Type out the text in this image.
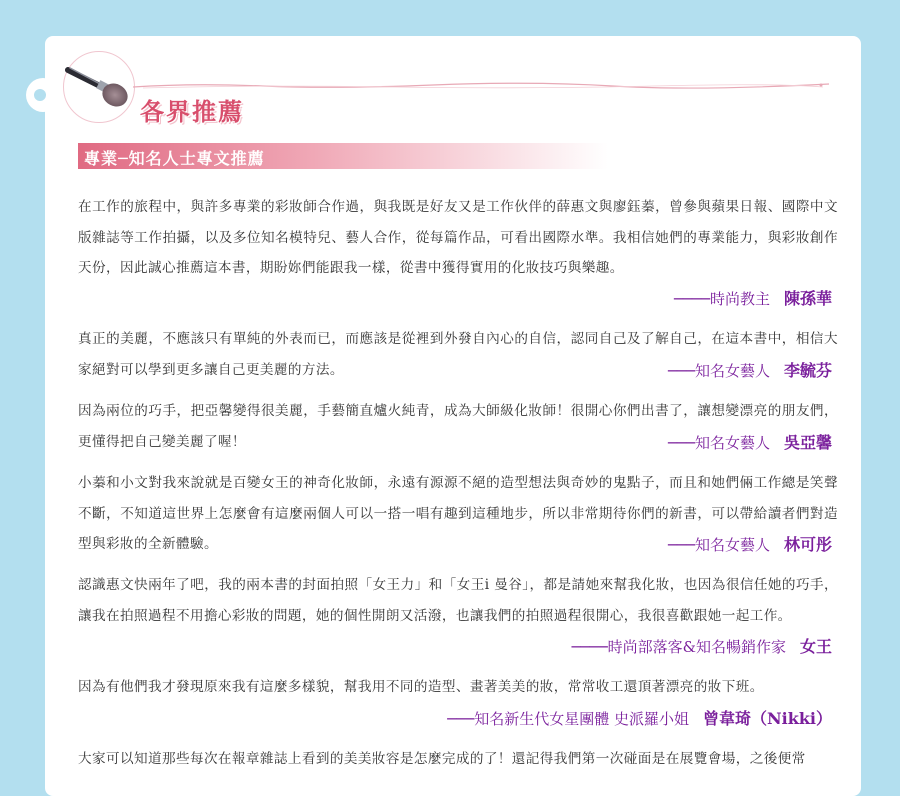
各界推薦
專業─知名人士專文推薦
在工作的旅程中，與許多專業的彩妝師合作過，與我既是好友又是工作伙伴的薛惠文與廖鈺蓁，曾參與蘋果日報、國際中文版雜誌等工作拍攝，以及多位知名模特兒、藝人合作，從每篇作品，可看出國際水準。我相信她們的專業能力，與彩妝創作天份，因此誠心推薦這本書，期盼妳們能跟我一樣，從書中獲得實用的化妝技巧與樂趣。
────時尚教主 陳孫華
真正的美麗，不應該只有單純的外表而已，而應該是從裡到外發自內心的自信，認同自己及了解自己，在這本書中，相信大家絕對可以學到更多讓自己更美麗的方法。	───知名女藝人 李毓芬
因為兩位的巧手，把亞馨變得很美麗，手藝簡直爐火純青，成為大師級化妝師！很開心你們出書了，讓想變漂亮的朋友們，更懂得把自己變美麗了喔！	───知名女藝人 吳亞馨
小蓁和小文對我來說就是百變女王的神奇化妝師，永遠有源源不絕的造型想法與奇妙的鬼點子，而且和她們倆工作總是笑聲不斷，不知道這世界上怎麼會有這麼兩個人可以一搭一唱有趣到這種地步，所以非常期待你們的新書，可以帶給讀者們對造型與彩妝的全新體驗。	───知名女藝人 林可彤
認識惠文快兩年了吧，我的兩本書的封面拍照「女王力」和「女王i 曼谷」，都是請她來幫我化妝，也因為很信任她的巧手，讓我在拍照過程不用擔心彩妝的問題，她的個性開朗又活潑，也讓我們的拍照過程很開心，我很喜歡跟她一起工作。
────時尚部落客&知名暢銷作家 女王
因為有他們我才發現原來我有這麼多樣貌，幫我用不同的造型、畫著美美的妝，常常收工還頂著漂亮的妝下班。
───知名新生代女星團體 史派羅小姐 曾韋琦（Nikki）
大家可以知道那些每次在報章雜誌上看到的美美妝容是怎麼完成的了！還記得我們第一次碰面是在展覽會場，之後便常
